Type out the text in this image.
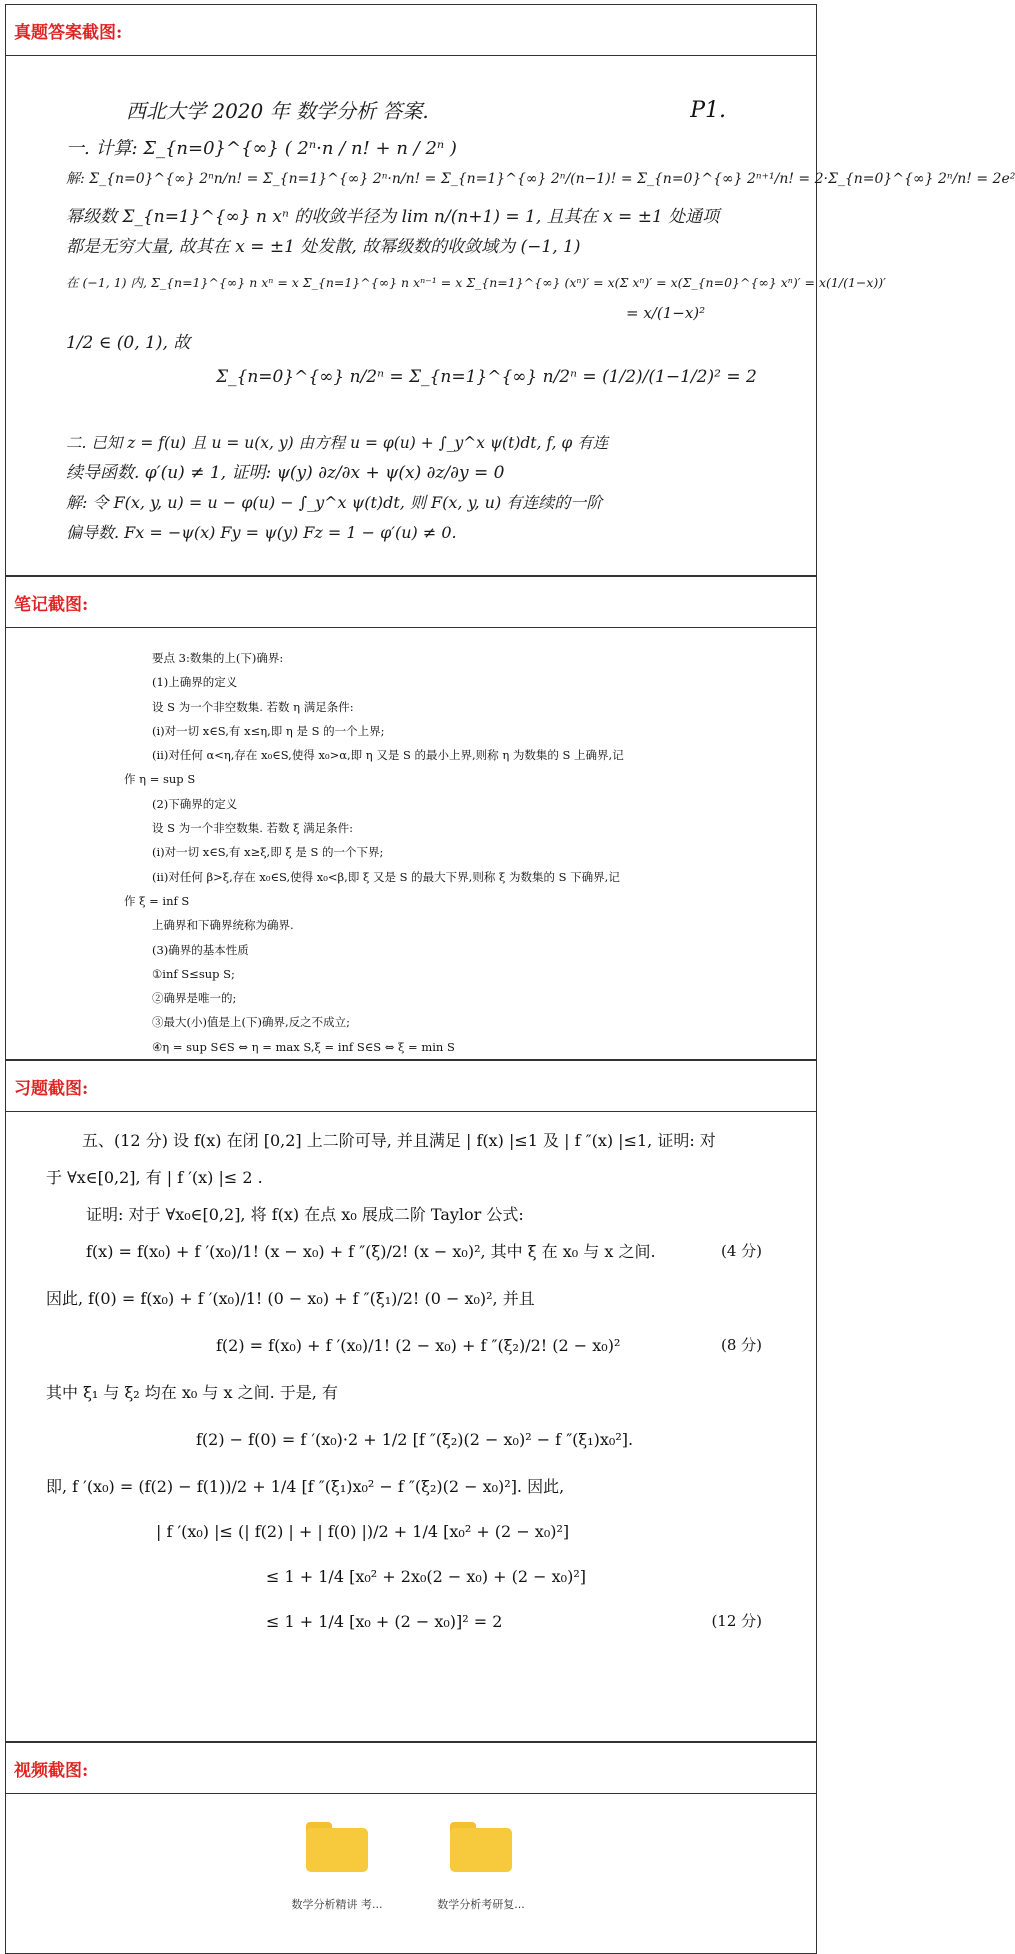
真题答案截图:
P1.
西北大学 2020 年 数学分析 答案.
一. 计算: Σ_{n=0}^{∞} ( 2ⁿ·n / n! + n / 2ⁿ )
解: Σ_{n=0}^{∞} 2ⁿn/n! = Σ_{n=1}^{∞} 2ⁿ·n/n! = Σ_{n=1}^{∞} 2ⁿ/(n−1)! = Σ_{n=0}^{∞} 2ⁿ⁺¹/n! = 2·Σ_{n=0}^{∞} 2ⁿ/n! = 2e²
幂级数 Σ_{n=1}^{∞} n xⁿ 的收敛半径为 lim n/(n+1) = 1, 且其在 x = ±1 处通项
都是无穷大量, 故其在 x = ±1 处发散, 故幂级数的收敛域为 (−1, 1)
在 (−1, 1) 内, Σ_{n=1}^{∞} n xⁿ = x Σ_{n=1}^{∞} n xⁿ⁻¹ = x Σ_{n=1}^{∞} (xⁿ)′ = x(Σ xⁿ)′ = x(Σ_{n=0}^{∞} xⁿ)′ = x(1/(1−x))′
= x/(1−x)²
1/2 ∈ (0, 1), 故
Σ_{n=0}^{∞} n/2ⁿ = Σ_{n=1}^{∞} n/2ⁿ = (1/2)/(1−1/2)² = 2
二. 已知 z = f(u) 且 u = u(x, y) 由方程 u = φ(u) + ∫_y^x ψ(t)dt, f, φ 有连
续导函数. φ′(u) ≠ 1, 证明: ψ(y) ∂z/∂x + ψ(x) ∂z/∂y = 0
解: 令 F(x, y, u) = u − φ(u) − ∫_y^x ψ(t)dt, 则 F(x, y, u) 有连续的一阶
偏导数. Fx = −ψ(x) Fy = ψ(y) Fz = 1 − φ′(u) ≠ 0.
笔记截图:
要点 3:数集的上(下)确界:
(1)上确界的定义
设 S 为一个非空数集. 若数 η 满足条件:
(ⅰ)对一切 x∈S,有 x≤η,即 η 是 S 的一个上界;
(ⅱ)对任何 α<η,存在 x₀∈S,使得 x₀>α,即 η 又是 S 的最小上界,则称 η 为数集的 S 上确界,记
作 η = sup S
(2)下确界的定义
设 S 为一个非空数集. 若数 ξ 满足条件:
(ⅰ)对一切 x∈S,有 x≥ξ,即 ξ 是 S 的一个下界;
(ⅱ)对任何 β>ξ,存在 x₀∈S,使得 x₀<β,即 ξ 又是 S 的最大下界,则称 ξ 为数集的 S 下确界,记
作 ξ = inf S
上确界和下确界统称为确界.
(3)确界的基本性质
①inf S≤sup S;
②确界是唯一的;
③最大(小)值是上(下)确界,反之不成立;
④η = sup S∈S ⇔ η = max S,ξ = inf S∈S ⇔ ξ = min S
习题截图:
五、(12 分) 设 f(x) 在闭 [0,2] 上二阶可导, 并且满足 | f(x) |≤1 及 | f ″(x) |≤1, 证明: 对
于 ∀x∈[0,2], 有 | f ′(x) |≤ 2 .
证明: 对于 ∀x₀∈[0,2], 将 f(x) 在点 x₀ 展成二阶 Taylor 公式:
f(x) = f(x₀) + f ′(x₀)/1! (x − x₀) + f ″(ξ)/2! (x − x₀)², 其中 ξ 在 x₀ 与 x 之间.	(4 分)
因此, f(0) = f(x₀) + f ′(x₀)/1! (0 − x₀) + f ″(ξ₁)/2! (0 − x₀)², 并且
f(2) = f(x₀) + f ′(x₀)/1! (2 − x₀) + f ″(ξ₂)/2! (2 − x₀)²	(8 分)
其中 ξ₁ 与 ξ₂ 均在 x₀ 与 x 之间. 于是, 有
f(2) − f(0) = f ′(x₀)·2 + 1/2 [f ″(ξ₂)(2 − x₀)² − f ″(ξ₁)x₀²].
即, f ′(x₀) = (f(2) − f(1))/2 + 1/4 [f ″(ξ₁)x₀² − f ″(ξ₂)(2 − x₀)²]. 因此,
| f ′(x₀) |≤ (| f(2) | + | f(0) |)/2 + 1/4 [x₀² + (2 − x₀)²]
≤ 1 + 1/4 [x₀² + 2x₀(2 − x₀) + (2 − x₀)²]
≤ 1 + 1/4 [x₀ + (2 − x₀)]² = 2	(12 分)
视频截图:
数学分析精讲 考...	数学分析考研复...
